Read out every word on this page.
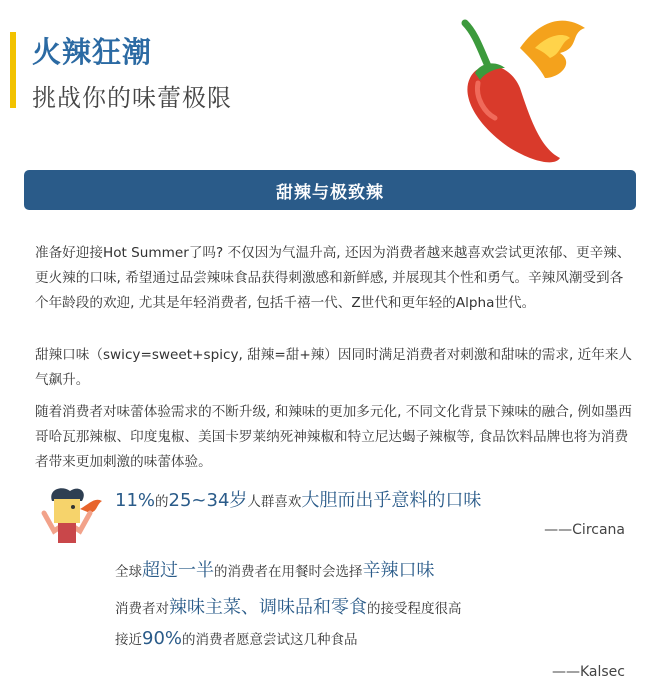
火辣狂潮
挑战你的味蕾极限
甜辣与极致辣
准备好迎接Hot Summer了吗? 不仅因为气温升高, 还因为消费者越来越喜欢尝试更浓郁、更辛辣、更火辣的口味, 希望通过品尝辣味食品获得刺激感和新鲜感, 并展现其个性和勇气。辛辣风潮受到各个年龄段的欢迎, 尤其是年轻消费者, 包括千禧一代、Z世代和更年轻的Alpha世代。
甜辣口味（swicy=sweet+spicy, 甜辣=甜+辣）因同时满足消费者对刺激和甜味的需求, 近年来人气飙升。
随着消费者对味蕾体验需求的不断升级, 和辣味的更加多元化, 不同文化背景下辣味的融合, 例如墨西哥哈瓦那辣椒、印度鬼椒、美国卡罗莱纳死神辣椒和特立尼达蝎子辣椒等, 食品饮料品牌也将为消费者带来更加刺激的味蕾体验。
11%的25~34岁人群喜欢大胆而出乎意料的口味
——Circana
全球超过一半的消费者在用餐时会选择辛辣口味
消费者对辣味主菜、调味品和零食的接受程度很高
接近90%的消费者愿意尝试这几种食品
——Kalsec
